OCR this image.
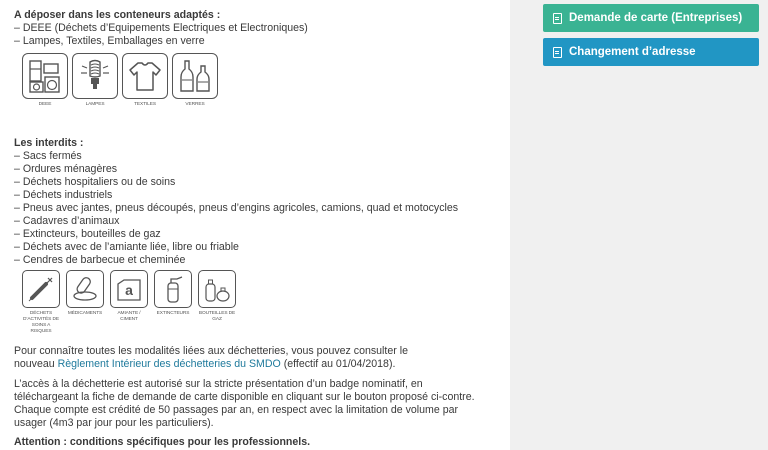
A déposer dans les conteneurs adaptés :
– DEEE (Déchets d’Equipements Electriques et Electroniques)
– Lampes, Textiles, Emballages en verre
DEEE	LAMPES	TEXTILES	VERRES
Les interdits :
– Sacs fermés
– Ordures ménagères
– Déchets hospitaliers ou de soins
– Déchets industriels
– Pneus avec jantes, pneus découpés, pneus d’engins agricoles, camions, quad et motocycles
– Cadavres d’animaux
– Extincteurs, bouteilles de gaz
– Déchets avec de l’amiante liée, libre ou friable
– Cendres de barbecue et cheminée
DÉCHETS D’ACTIVITÉS DE SOINS A RISQUES
MÉDICAMENTS
a
AMIANTE / CIMENT
EXTINCTEURS BOUTEILLES DE GAZ
Pour connaître toutes les modalités liées aux déchetteries, vous pouvez consulter le
nouveau Règlement Intérieur des déchetteries du SMDO (effectif au 01/04/2018).
L’accès à la déchetterie est autorisé sur la stricte présentation d’un badge nominatif, en
téléchargeant la fiche de demande de carte disponible en cliquant sur le bouton proposé ci-contre.
Chaque compte est crédité de 50 passages par an, en respect avec la limitation de volume par
usager (4m3 par jour pour les particuliers).
Attention : conditions spécifiques pour les professionnels.
Demande de carte (Entreprises)
Changement d’adresse
